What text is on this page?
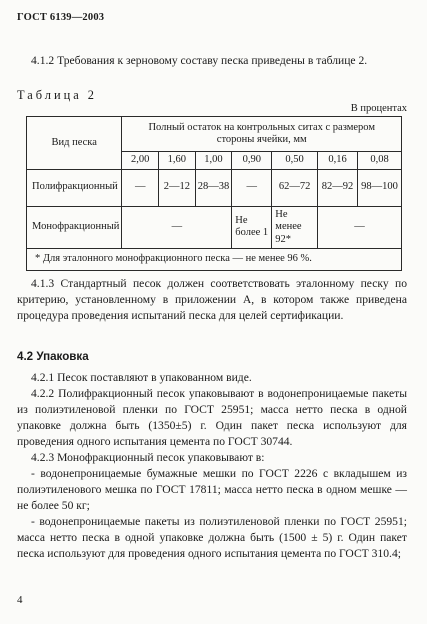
ГОСТ 6139—2003
4.1.2 Требования к зерновому составу песка приведены в таблице 2.
Таблица 2
В процентах
Вид песка	Полный остаток на контрольных ситах с размером стороны ячейки, мм						
	2,00	1,60	1,00	0,90	0,50	0,16	0,08
Полифракционный	—	2—12	28—38	—	62—72	82—92	98—100
Монофракционный	—			Не более 1	Не менее 92*	—	
* Для эталонного монофракционного песка — не менее 96 %.							
4.1.3 Стандартный песок должен соответствовать эталонному песку по критерию, установленному в приложении А, в котором также приведена процедура проведения испытаний песка для целей сертификации.
4.2 Упаковка
4.2.1 Песок поставляют в упакованном виде.
4.2.2 Полифракционный песок упаковывают в водонепроницаемые пакеты из полиэтиленовой пленки по ГОСТ 25951; масса нетто песка в одной упаковке должна быть (1350±5) г. Один пакет песка используют для проведения одного испытания цемента по ГОСТ 30744.
4.2.3 Монофракционный песок упаковывают в:
- водонепроницаемые бумажные мешки по ГОСТ 2226 с вкладышем из полиэтиленового мешка по ГОСТ 17811; масса нетто песка в одном мешке — не более 50 кг;
- водонепроницаемые пакеты из полиэтиленовой пленки по ГОСТ 25951; масса нетто песка в одной упаковке должна быть (1500 ± 5) г. Один пакет песка используют для проведения одного испытания цемента по ГОСТ 310.4;
4
